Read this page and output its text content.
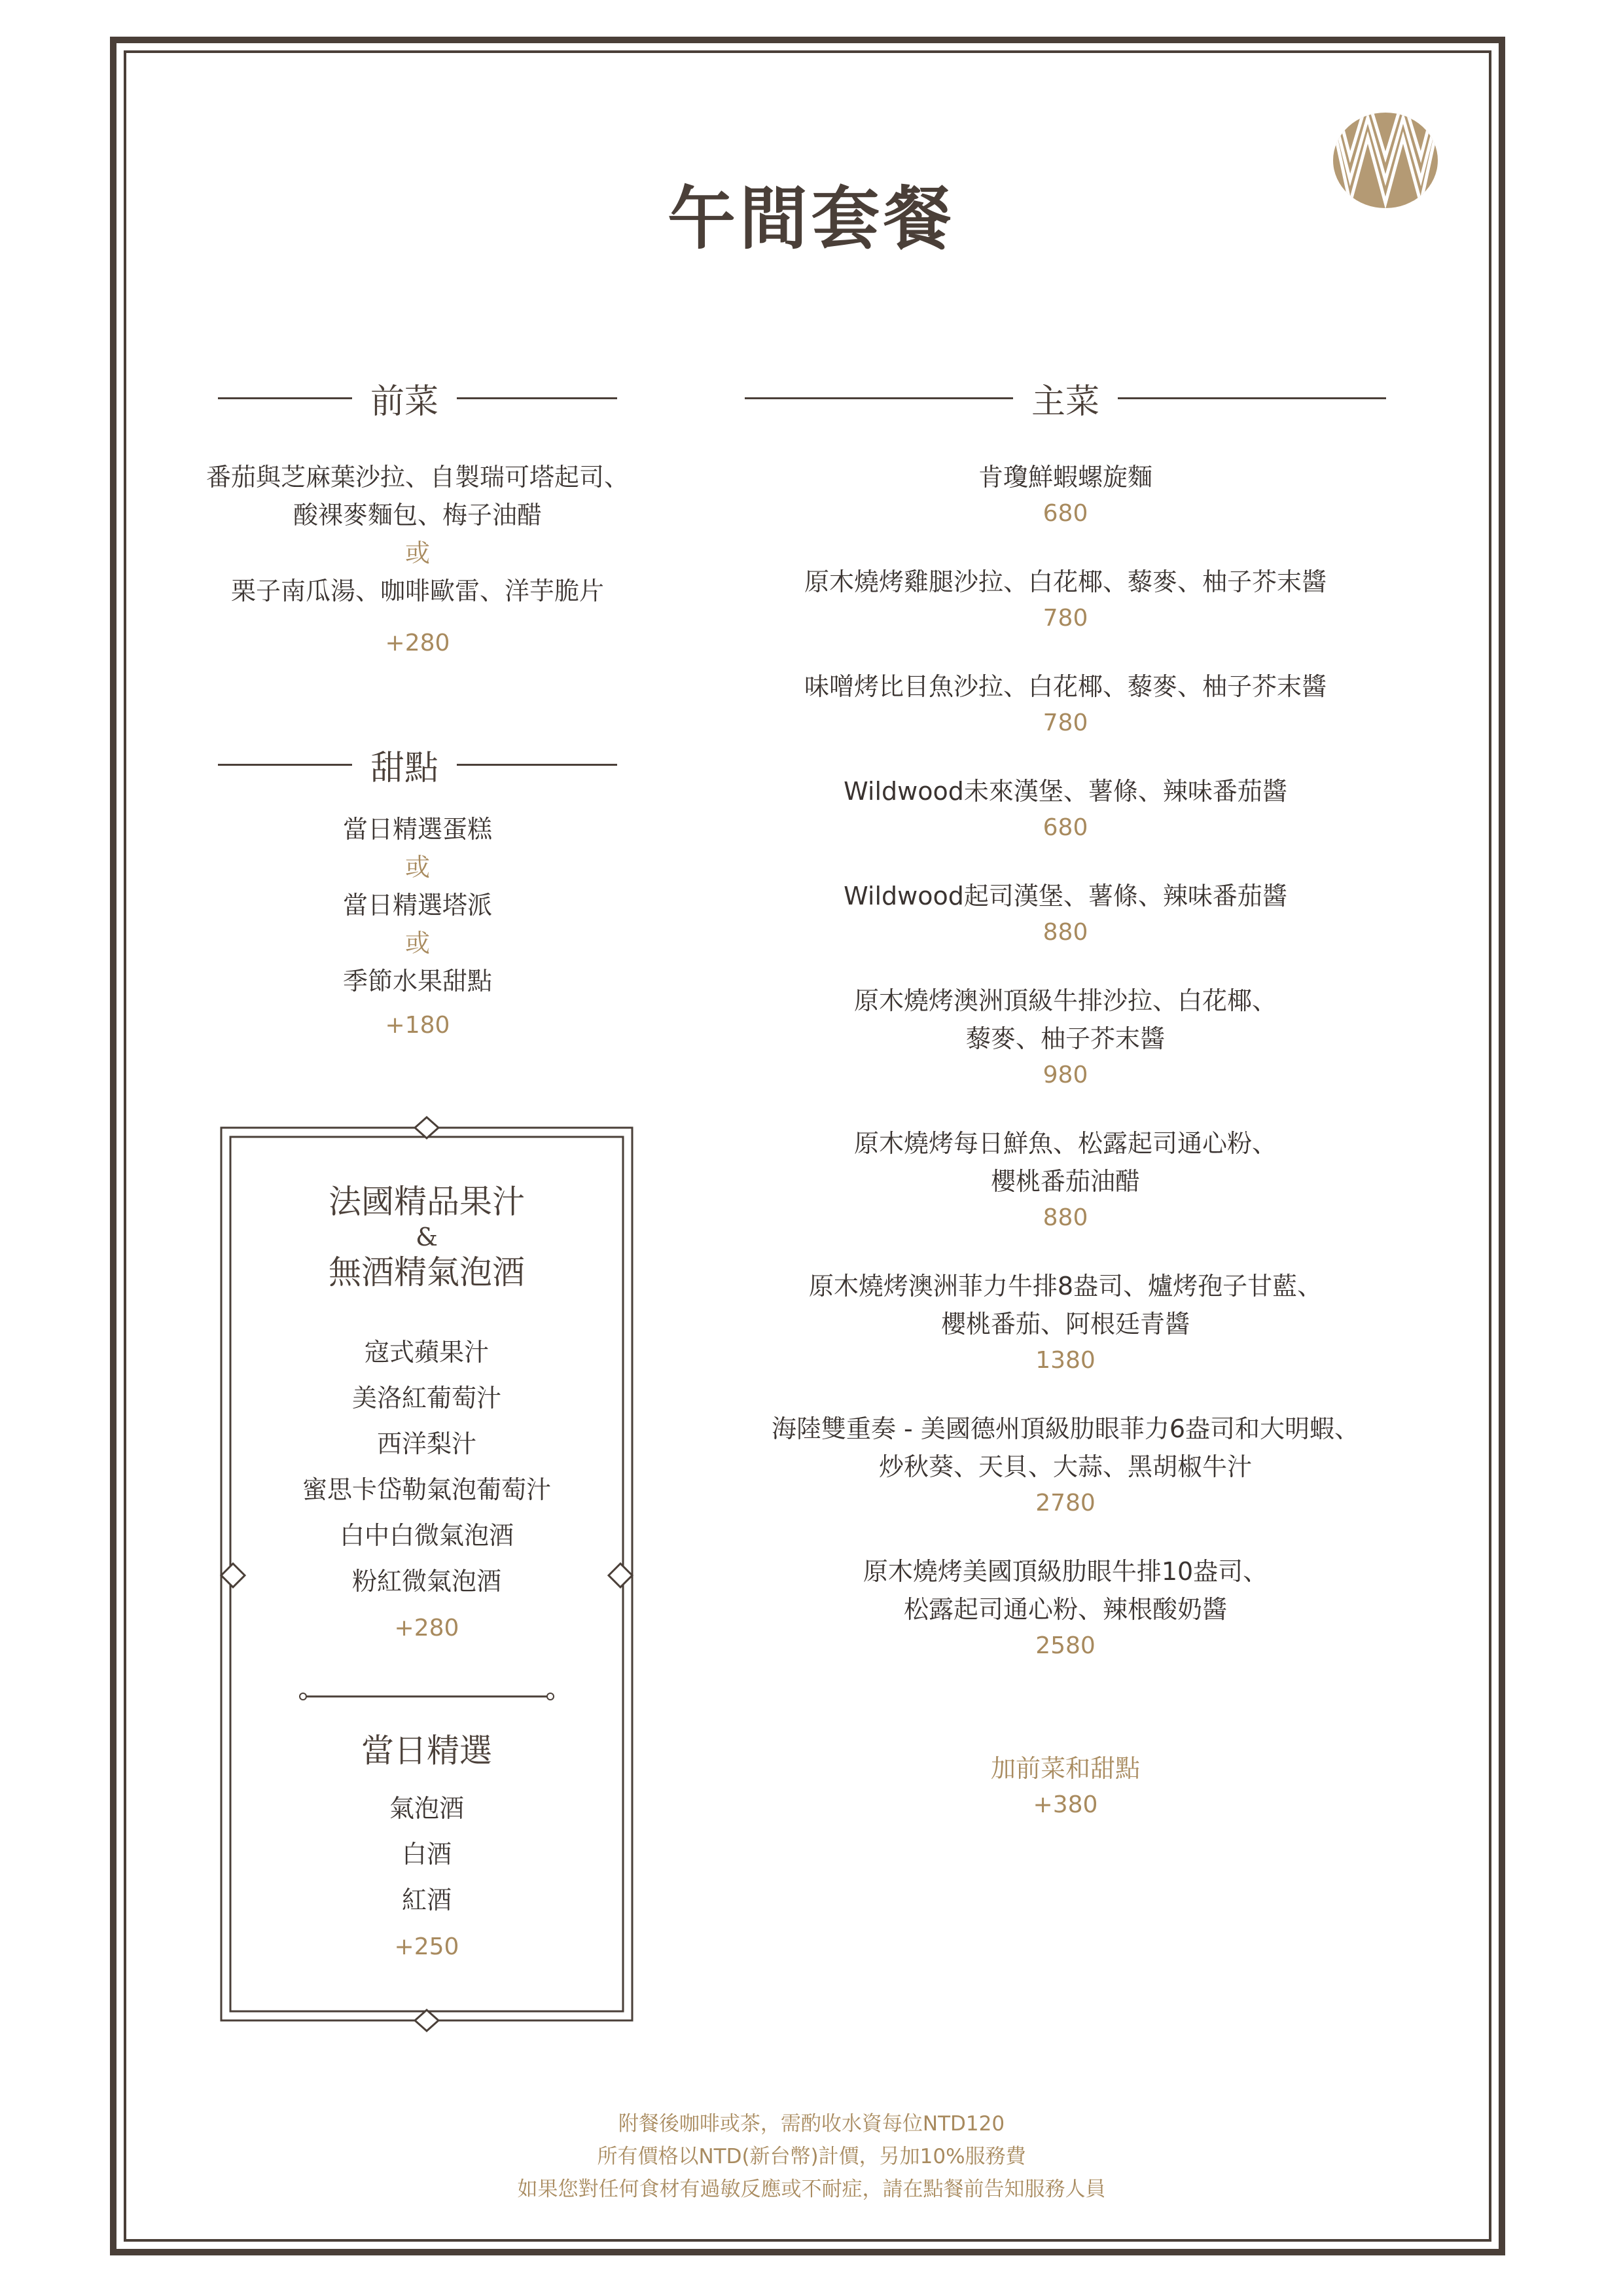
午間套餐
前菜
番茄與芝麻葉沙拉、自製瑞可塔起司、
酸裸麥麵包、梅子油醋
或
栗子南瓜湯、咖啡歐雷、洋芋脆片
+280
甜點
當日精選蛋糕
或
當日精選塔派
或
季節水果甜點
+180
法國精品果汁
&
無酒精氣泡酒
寇式蘋果汁
美洛紅葡萄汁
西洋梨汁
蜜思卡岱勒氣泡葡萄汁
白中白微氣泡酒
粉紅微氣泡酒
+280
當日精選
氣泡酒
白酒
紅酒
+250
主菜
肯瓊鮮蝦螺旋麵
680
原木燒烤雞腿沙拉、白花椰、藜麥、柚子芥末醬
780
味噌烤比目魚沙拉、白花椰、藜麥、柚子芥末醬
780
Wildwood未來漢堡、薯條、辣味番茄醬
680
Wildwood起司漢堡、薯條、辣味番茄醬
880
原木燒烤澳洲頂級牛排沙拉、白花椰、
藜麥、柚子芥末醬
980
原木燒烤每日鮮魚、松露起司通心粉、
櫻桃番茄油醋
880
原木燒烤澳洲菲力牛排8盎司、爐烤孢子甘藍、
櫻桃番茄、阿根廷青醬
1380
海陸雙重奏 - 美國德州頂級肋眼菲力6盎司和大明蝦、
炒秋葵、天貝、大蒜、黑胡椒牛汁
2780
原木燒烤美國頂級肋眼牛排10盎司、
松露起司通心粉、辣根酸奶醬
2580
加前菜和甜點
+380
附餐後咖啡或茶，需酌收水資每位NTD120
所有價格以NTD(新台幣)計價，另加10%服務費
如果您對任何食材有過敏反應或不耐症，請在點餐前告知服務人員
